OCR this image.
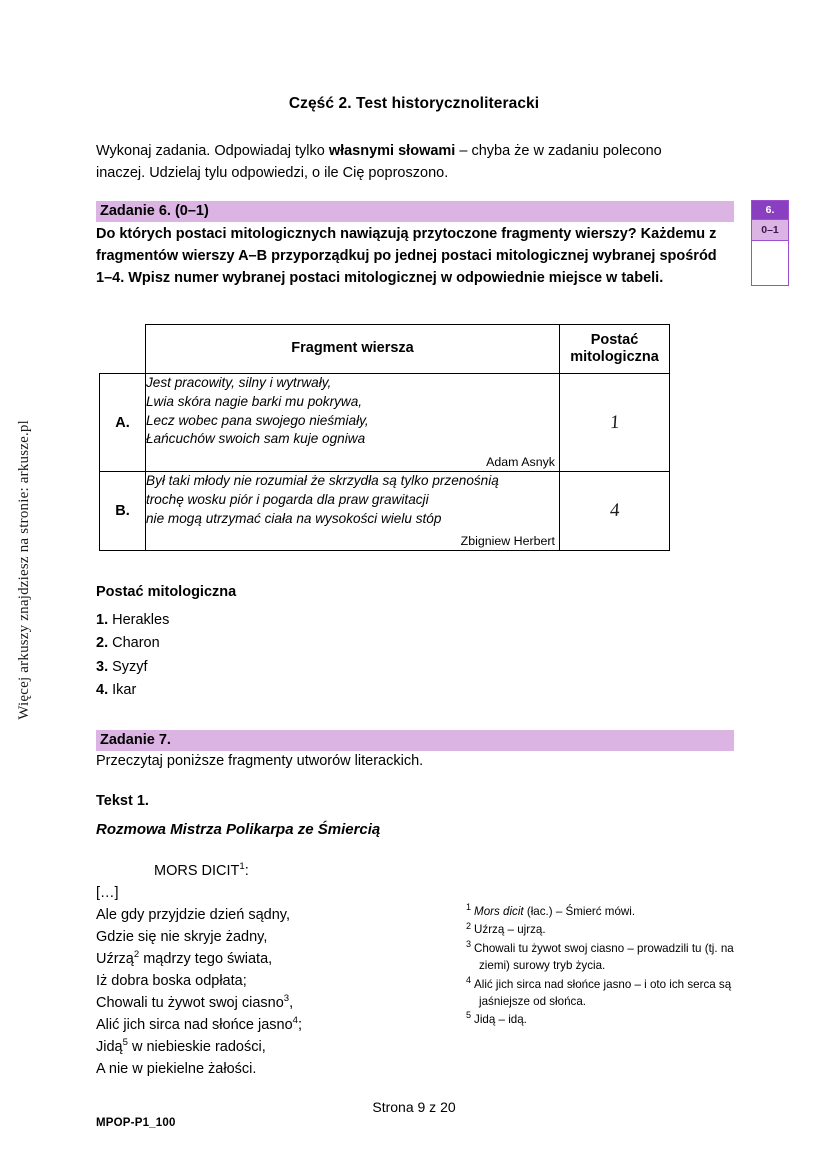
Więcej arkuszy znajdziesz na stronie: arkusze.pl
Część 2. Test historycznoliteracki

Wykonaj zadania. Odpowiadaj tylko własnymi słowami – chyba że w zadaniu polecono inaczej. Udzielaj tylu odpowiedzi, o ile Cię poproszono.

Zadanie 6. (0–1)
Do których postaci mitologicznych nawiązują przytoczone fragmenty wierszy? Każdemu z fragmentów wierszy A–B przyporządkuj po jednej postaci mitologicznej wybranej spośród 1–4. Wpisz numer wybranej postaci mitologicznej w odpowiednie miejsce w tabeli.
6.
0–1
	Fragment wiersza	Postać mitologiczna
A.	Jest pracowity, silny i wytrwały,
Lwia skóra nagie barki mu pokrywa,
Lecz wobec pana swojego nieśmiały,
Łańcuchów swoich sam kuje ogniwa
Adam Asnyk	1
B.	Był taki młody nie rozumiał że skrzydła są tylko przenośnią
trochę wosku piór i pogarda dla praw grawitacji
nie mogą utrzymać ciała na wysokości wielu stóp
Zbigniew Herbert	4
Postać mitologiczna
1. Herakles
2. Charon
3. Syzyf
4. Ikar
Zadanie 7.
Przeczytaj poniższe fragmenty utworów literackich.
Tekst 1.
Rozmowa Mistrza Polikarpa ze Śmiercią
MORS DICIT$^1$:
[…]
Ale gdy przyjdzie dzień sądny,
Gdzie się nie skryje żadny,
Uźrzą$^2$ mądrzy tego świata,
Iż dobra boska odpłata;
Chowali tu żywot swoj ciasno$^3$,
Alić jich sirca nad słońce jasno$^4$;
Jidą$^5$ w niebieskie radości,
A nie w piekielne żałości.
$^1$ Mors dicit (łac.) – Śmierć mówi.
$^2$ Uźrzą – ujrzą.
$^3$ Chowali tu żywot swoj ciasno – prowadzili tu (tj. na ziemi) surowy tryb życia.
$^4$ Alić jich sirca nad słońce jasno – i oto ich serca są jaśniejsze od słońca.
$^5$ Jidą – idą.
Strona 9 z 20
MPOP-P1_100
